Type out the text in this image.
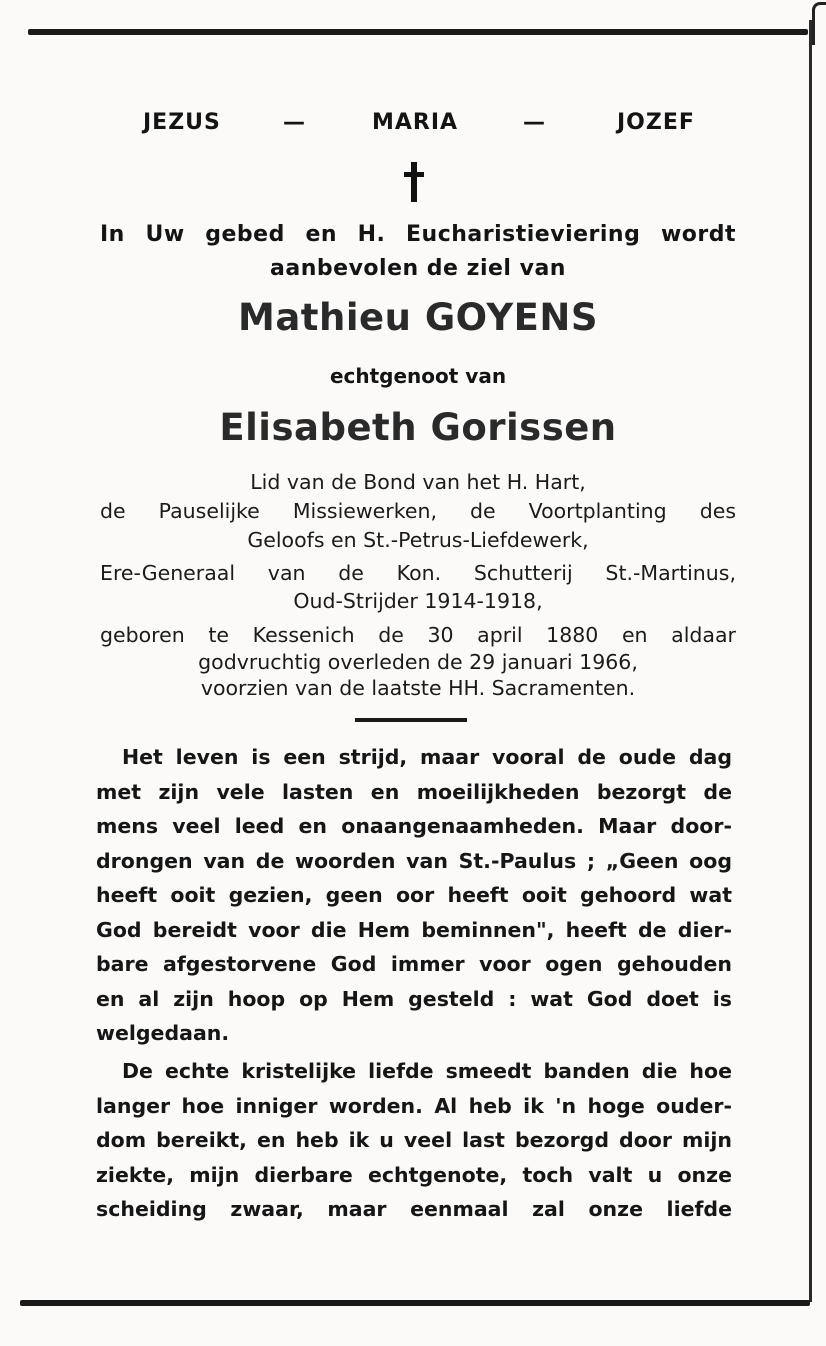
JEZUS	—	MARIA	—	JOZEF
In Uw gebed en H. Eucharistieviering wordt
aanbevolen de ziel van
Mathieu GOYENS
echtgenoot van
Elisabeth Gorissen
Lid van de Bond van het H. Hart,
de Pauselijke Missiewerken, de Voortplanting des
Geloofs en St.-Petrus-Liefdewerk,
Ere-Generaal van de Kon. Schutterij St.-Martinus,
Oud-Strijder 1914-1918,
geboren te Kessenich de 30 april 1880 en aldaar
godvruchtig overleden de 29 januari 1966,
voorzien van de laatste HH. Sacramenten.
Het leven is een strijd, maar vooral de oude dag
met zijn vele lasten en moeilijkheden bezorgt de
mens veel leed en onaangenaamheden. Maar door-
drongen van de woorden van St.-Paulus ; „Geen oog
heeft ooit gezien, geen oor heeft ooit gehoord wat
God bereidt voor die Hem beminnen", heeft de dier-
bare afgestorvene God immer voor ogen gehouden
en al zijn hoop op Hem gesteld : wat God doet is
welgedaan.
De echte kristelijke liefde smeedt banden die hoe
langer hoe inniger worden. Al heb ik 'n hoge ouder-
dom bereikt, en heb ik u veel last bezorgd door mijn
ziekte, mijn dierbare echtgenote, toch valt u onze
scheiding zwaar, maar eenmaal zal onze liefde
